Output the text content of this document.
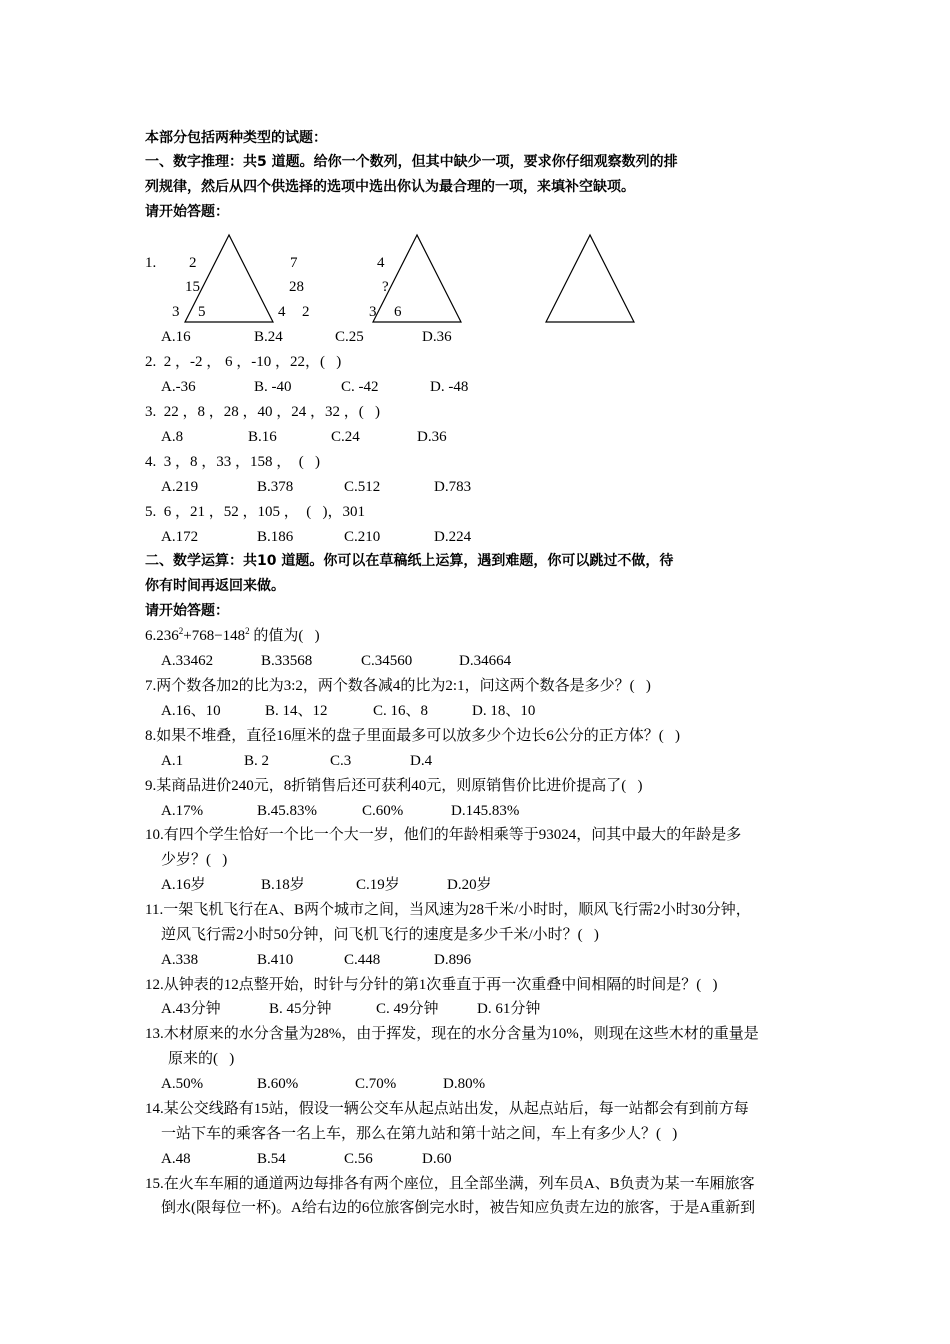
本部分包括两种类型的试题：
一、数字推理：共5 道题。给你一个数列，但其中缺少一项，要求你仔细观察数列的排
列规律，然后从四个供选择的选项中选出你认为最合理的一项，来填补空缺项。
请开始答题：
1. 2
15
3 5
7
28
4 2
4
?
3 6
A.16	B.24	C.25	D.36
2.  2 ，-2 ， 6 ，-10 ，22，(   )
A.-36	B. -40	C. -42	D. -48
3.  22 ，8 ，28 ，40 ，24 ，32 ，(   )
A.8	B.16	C.24	D.36
4.  3 ，8 ，33 ，158 ，  (   )
A.219	B.378	C.512	D.783
5.  6 ，21 ，52 ，105 ，  (   )，301
A.172	B.186	C.210	D.224
二、数学运算：共10 道题。你可以在草稿纸上运算，遇到难题，你可以跳过不做，待
你有时间再返回来做。
请开始答题：
$6.236^2+768-148^2$ 的值为(   )
A.33462	B.33568	C.34560	D.34664
7.两个数各加2的比为3:2，两个数各减4的比为2:1，问这两个数各是多少？(   )
A.16、10	B. 14、12	C. 16、8	D. 18、10
8.如果不堆叠，直径16厘米的盘子里面最多可以放多少个边长6公分的正方体？(   )
A.1	B. 2	C.3	D.4
9.某商品进价240元，8折销售后还可获利40元，则原销售价比进价提高了(   )
A.17%	B.45.83%	C.60%	D.145.83%
10.有四个学生恰好一个比一个大一岁，他们的年龄相乘等于93024，问其中最大的年龄是多
少岁？(   )
A.16岁	B.18岁	C.19岁	D.20岁
11.一架飞机飞行在A、B两个城市之间，当风速为28千米/小时时，顺风飞行需2小时30分钟，
逆风飞行需2小时50分钟，问飞机飞行的速度是多少千米/小时？(   )
A.338	B.410	C.448	D.896
12.从钟表的12点整开始，时针与分针的第1次垂直于再一次重叠中间相隔的时间是？(   )
A.43分钟	B. 45分钟	C. 49分钟	D. 61分钟
13.木材原来的水分含量为28%，由于挥发，现在的水分含量为10%，则现在这些木材的重量是
原来的(   )
A.50%	B.60%	C.70%	D.80%
14.某公交线路有15站，假设一辆公交车从起点站出发，从起点站后，每一站都会有到前方每
一站下车的乘客各一名上车，那么在第九站和第十站之间，车上有多少人？(   )
A.48	B.54	C.56	D.60
15.在火车车厢的通道两边每排各有两个座位，且全部坐满，列车员A、B负责为某一车厢旅客
倒水(限每位一杯)。A给右边的6位旅客倒完水时，被告知应负责左边的旅客，于是A重新到
